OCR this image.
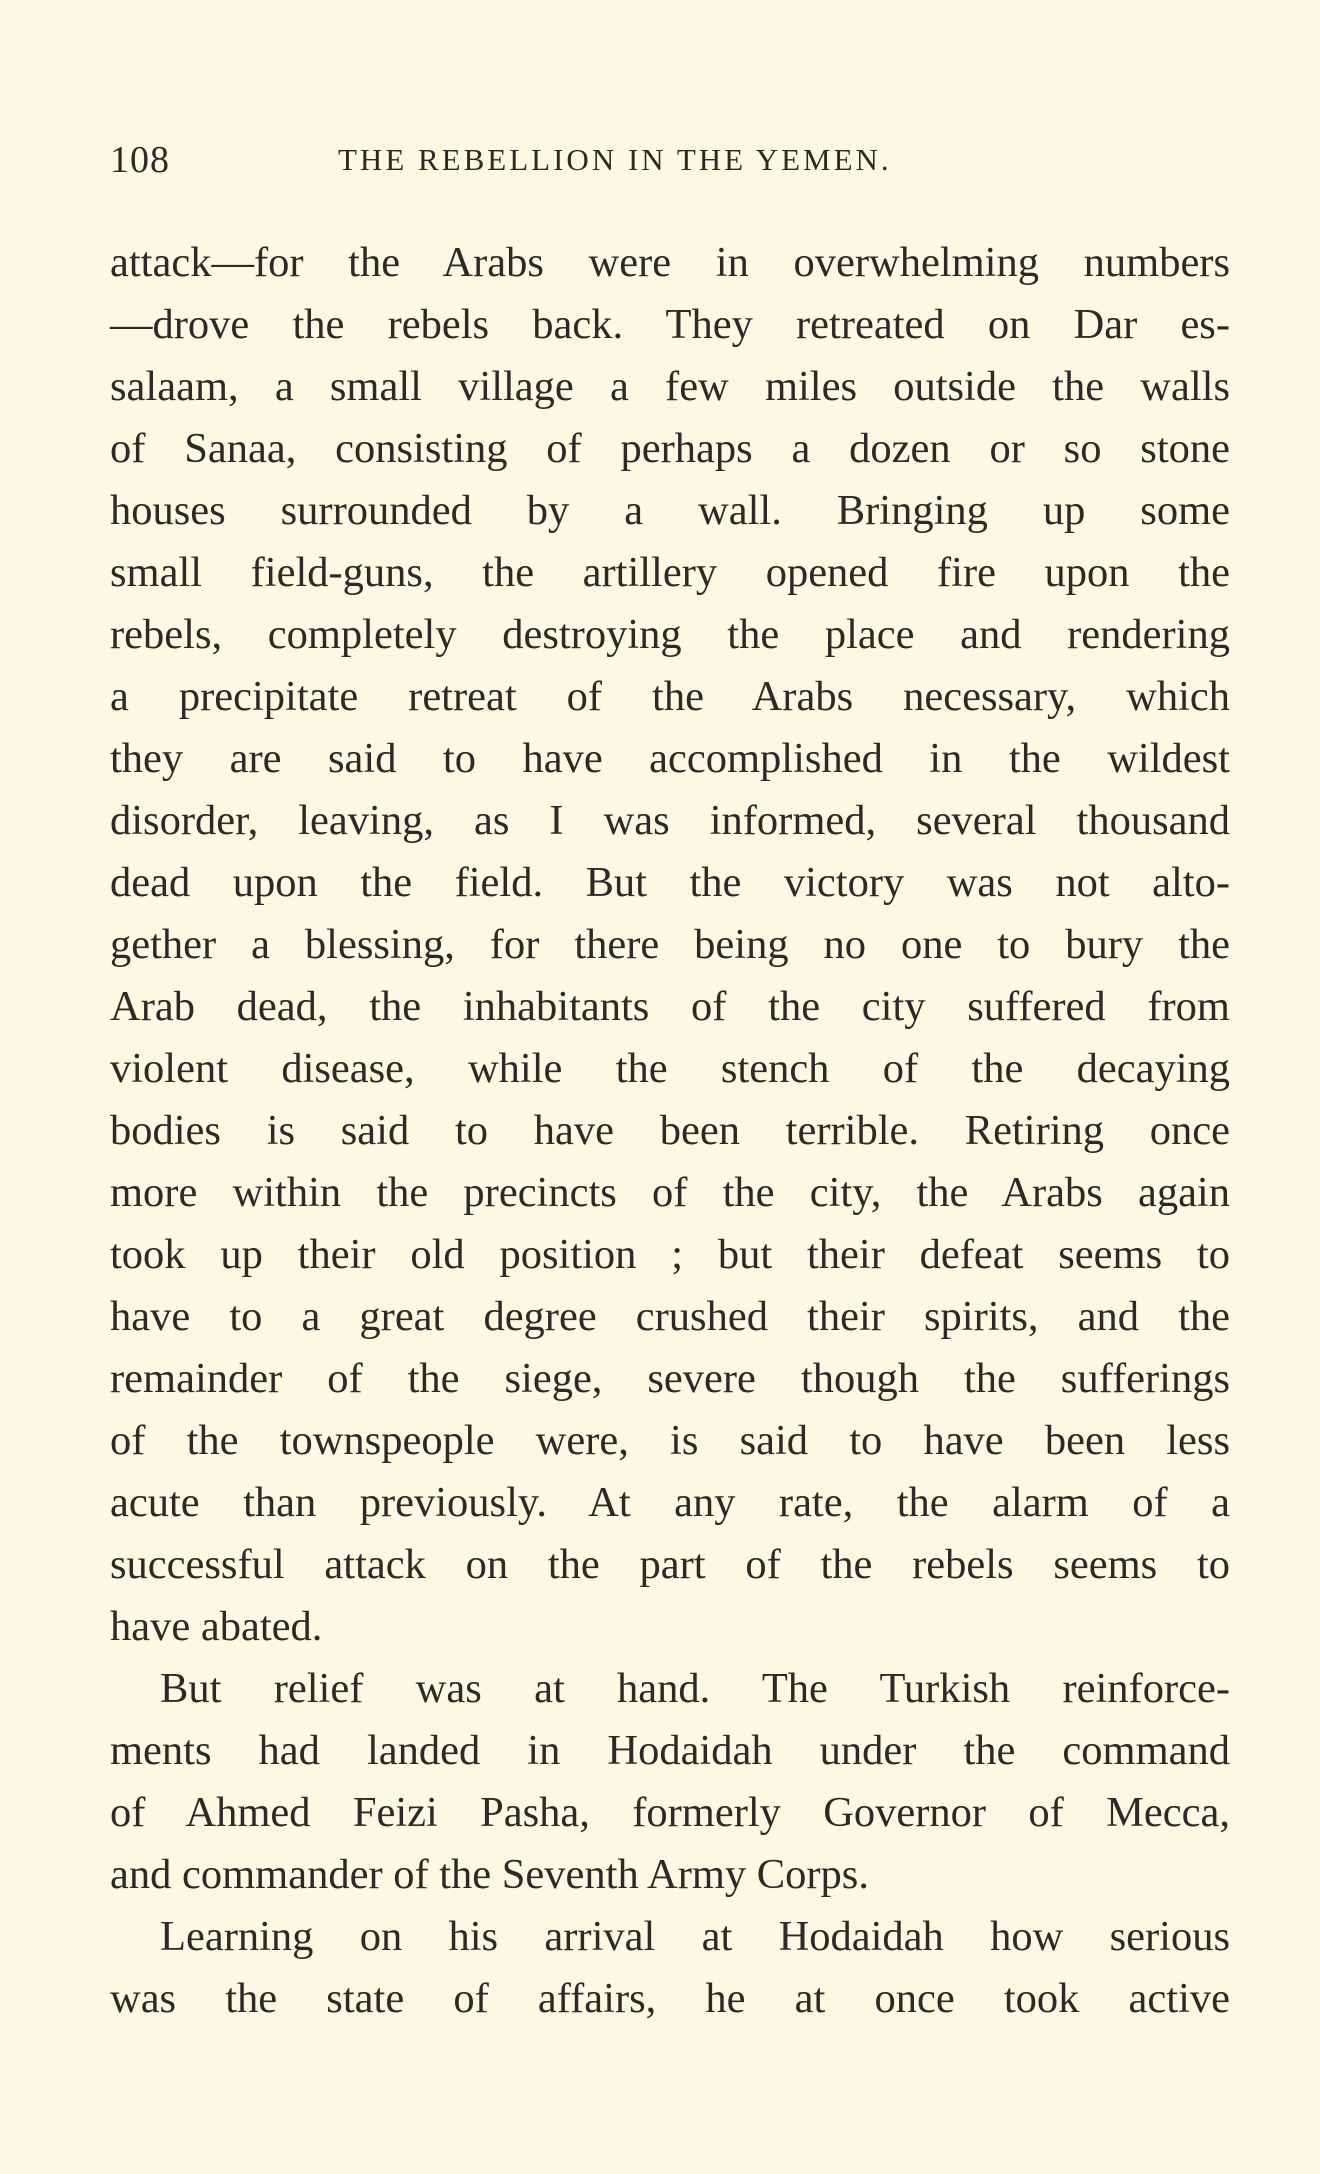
108	THE REBELLION IN THE YEMEN.
attack—for the Arabs were in overwhelming numbers
—drove the rebels back. They retreated on Dar es-
salaam, a small village a few miles outside the walls
of Sanaa, consisting of perhaps a dozen or so stone
houses surrounded by a wall. Bringing up some
small field-guns, the artillery opened fire upon the
rebels, completely destroying the place and rendering
a precipitate retreat of the Arabs necessary, which
they are said to have accomplished in the wildest
disorder, leaving, as I was informed, several thousand
dead upon the field. But the victory was not alto-
gether a blessing, for there being no one to bury the
Arab dead, the inhabitants of the city suffered from
violent disease, while the stench of the decaying
bodies is said to have been terrible. Retiring once
more within the precincts of the city, the Arabs again
took up their old position ; but their defeat seems to
have to a great degree crushed their spirits, and the
remainder of the siege, severe though the sufferings
of the townspeople were, is said to have been less
acute than previously. At any rate, the alarm of a
successful attack on the part of the rebels seems to
have abated.
But relief was at hand. The Turkish reinforce-
ments had landed in Hodaidah under the command
of Ahmed Feizi Pasha, formerly Governor of Mecca,
and commander of the Seventh Army Corps.
Learning on his arrival at Hodaidah how serious
was the state of affairs, he at once took active
